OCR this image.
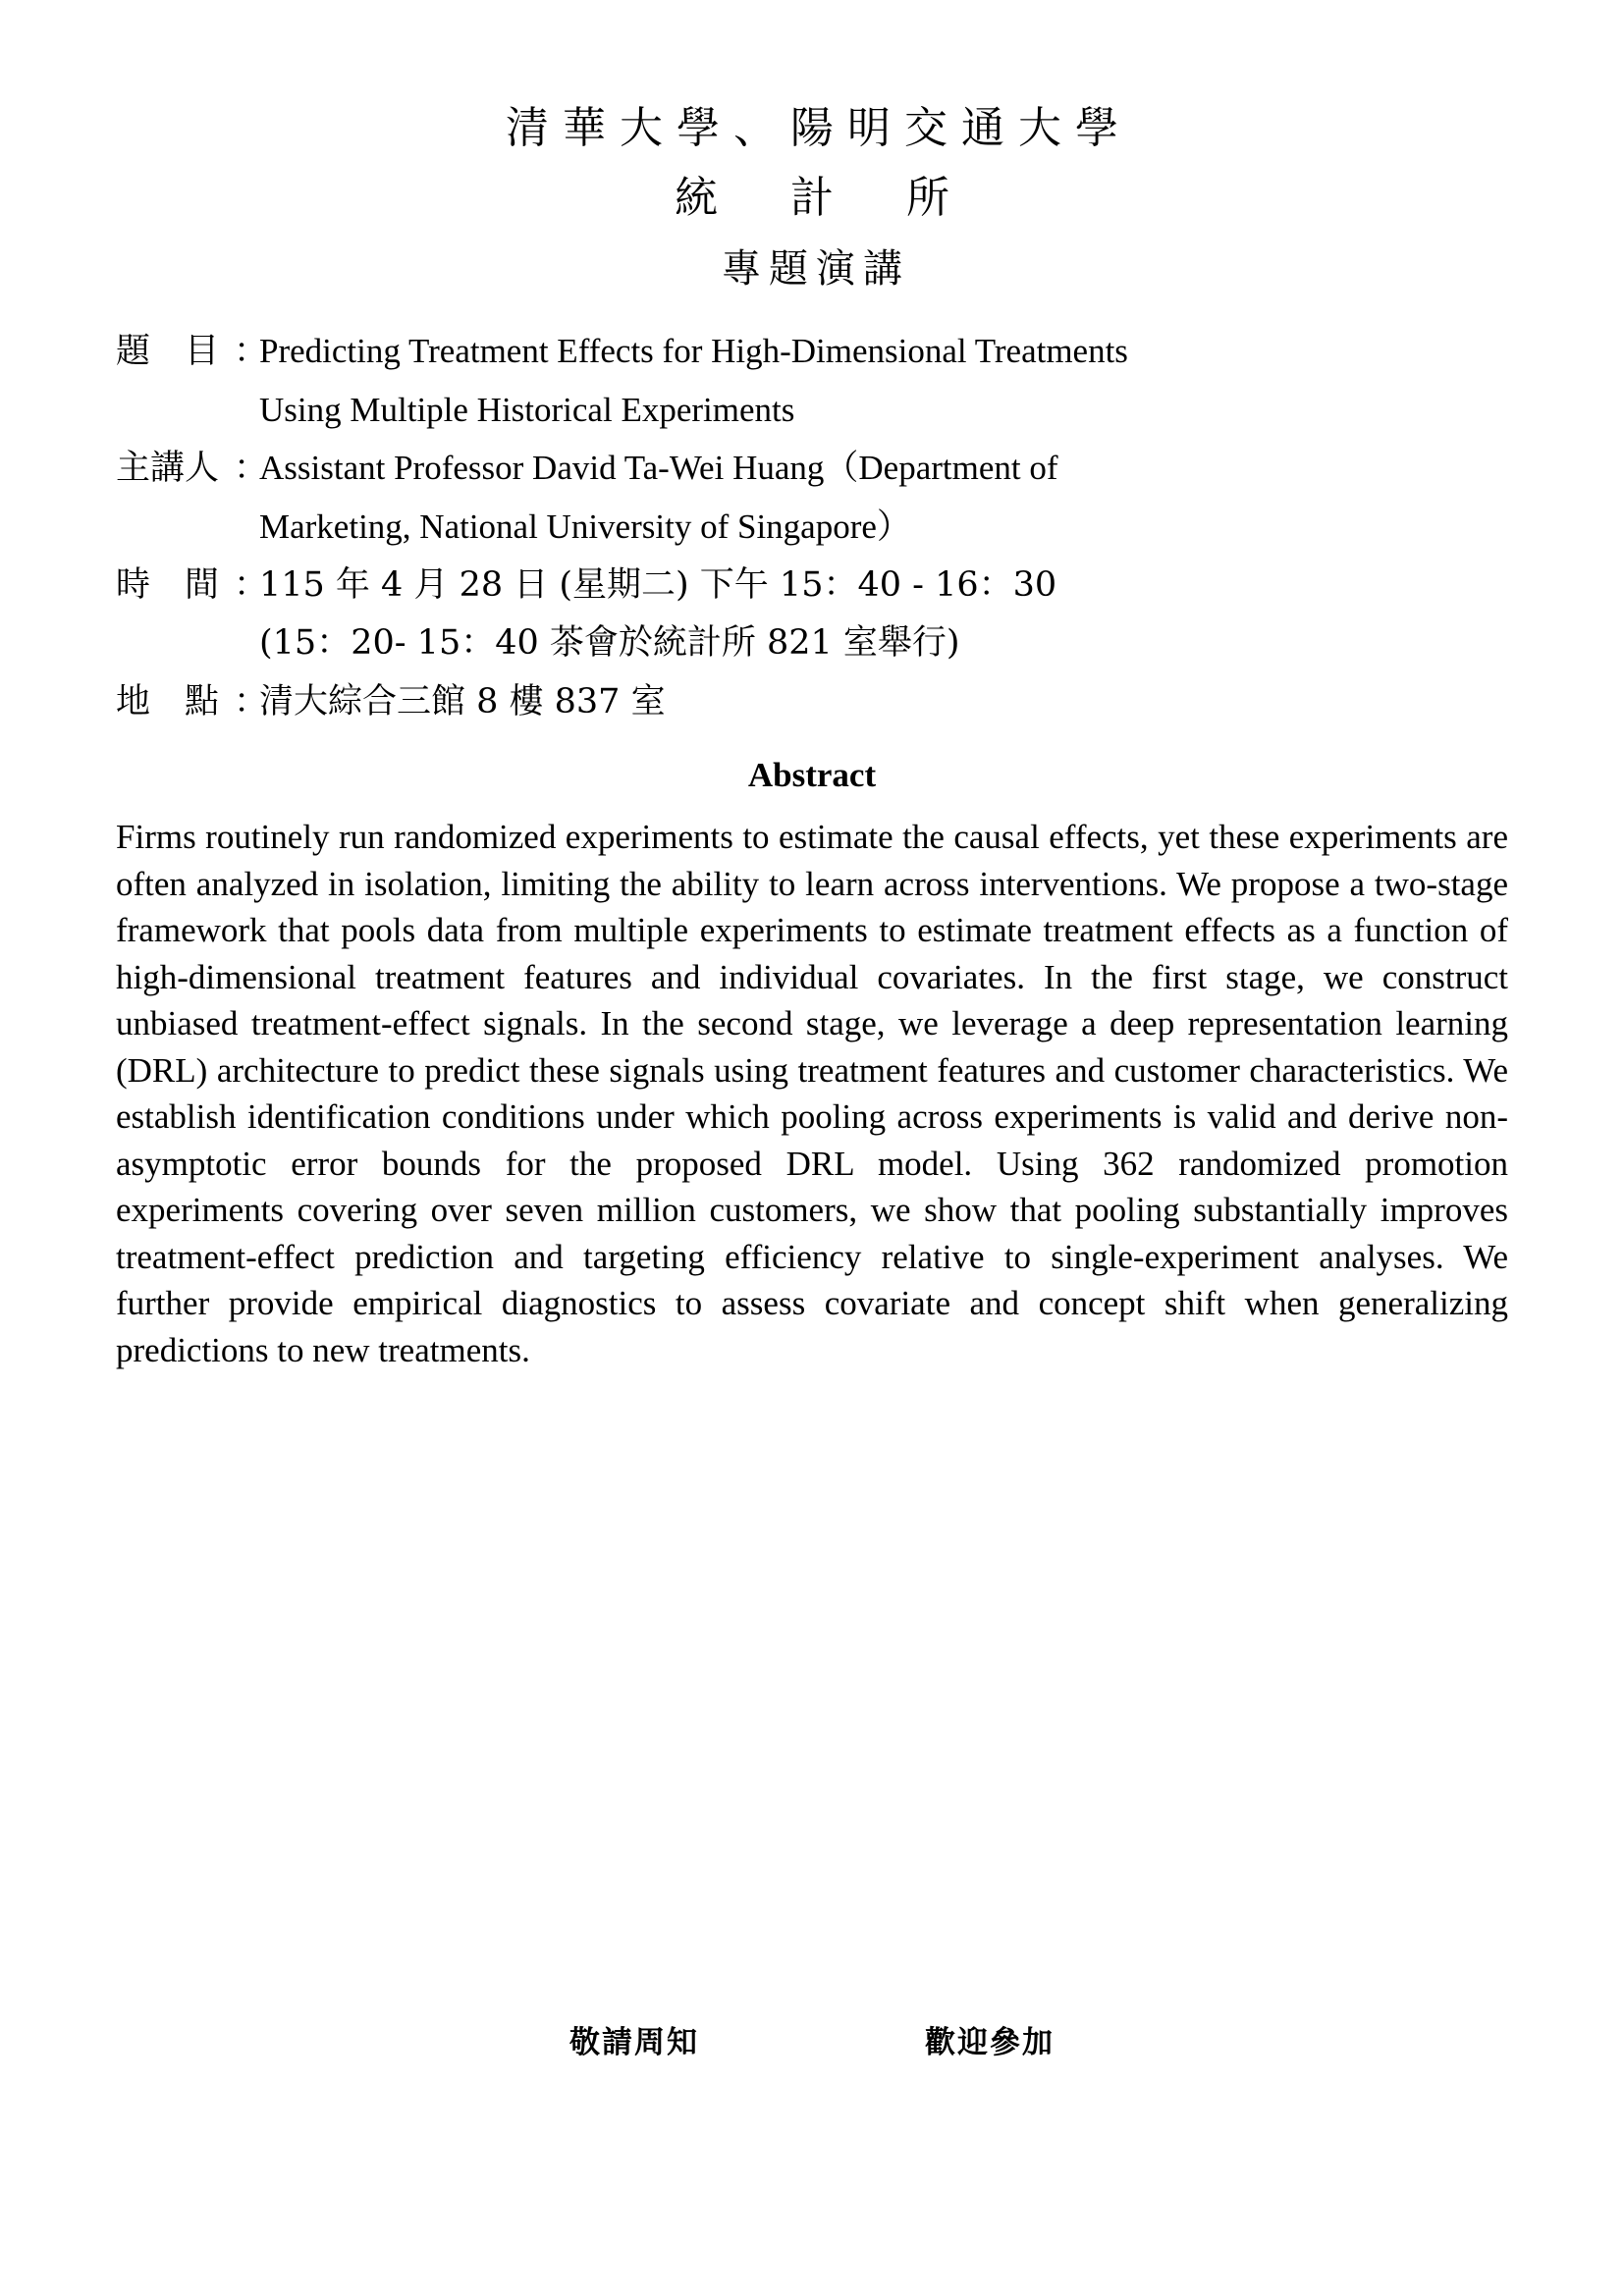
清華大學、陽明交通大學
統 計 所
專題演講
題　目 ：Predicting Treatment Effects for High-Dimensional Treatments
Using Multiple Historical Experiments
主講人 ：Assistant Professor David Ta-Wei Huang（Department of
Marketing, National University of Singapore）
時　間 ：115 年 4 月 28 日 (星期二) 下午 15：40 - 16：30
(15：20- 15：40 茶會於統計所 821 室舉行)
地　點 ：清大綜合三館 8 樓 837 室
Abstract

Firms routinely run randomized experiments to estimate the causal effects, yet these experiments are often analyzed in isolation, limiting the ability to learn across interventions. We propose a two-stage framework that pools data from multiple experiments to estimate treatment effects as a function of high-dimensional treatment features and individual covariates. In the first stage, we construct unbiased treatment-effect signals. In the second stage, we leverage a deep representation learning (DRL) architecture to predict these signals using treatment features and customer characteristics. We establish identification conditions under which pooling across experiments is valid and derive non-asymptotic error bounds for the proposed DRL model. Using 362 randomized promotion experiments covering over seven million customers, we show that pooling substantially improves treatment-effect prediction and targeting efficiency relative to single-experiment analyses. We further provide empirical diagnostics to assess covariate and concept shift when generalizing predictions to new treatments.

敬請周知	歡迎參加
